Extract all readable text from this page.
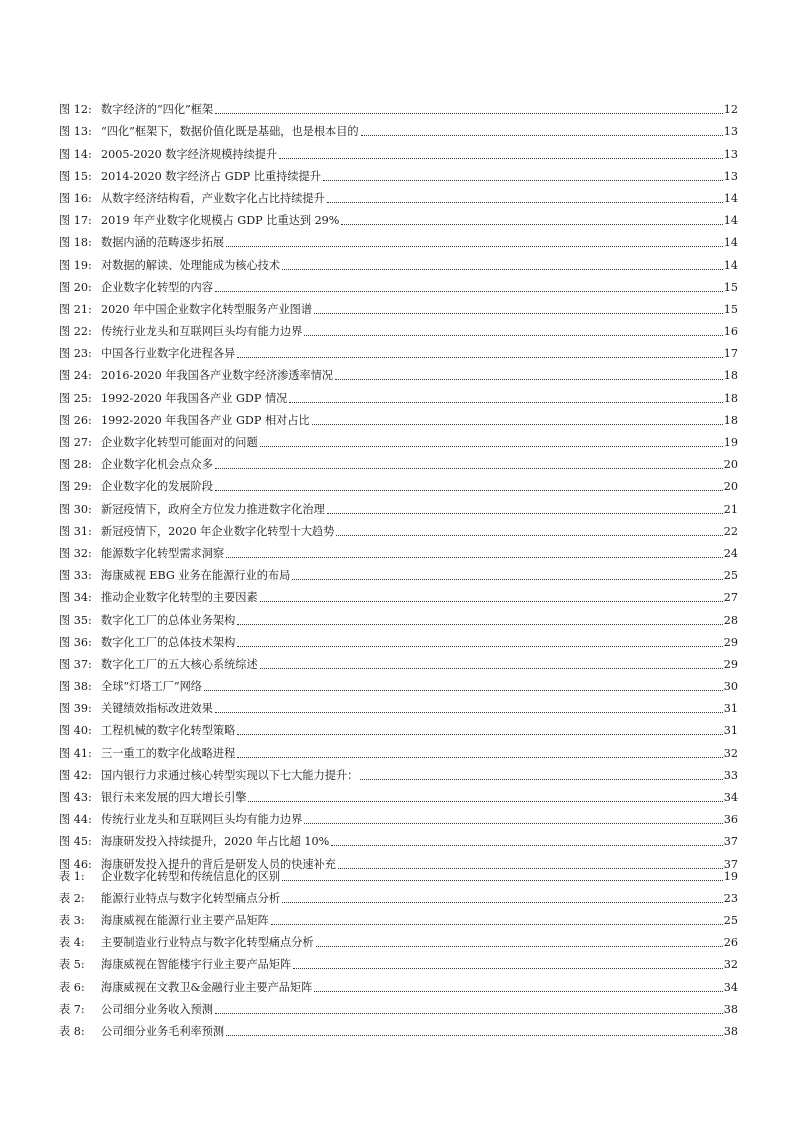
图 12: 数字经济的“四化”框架	12
图 13: “四化”框架下，数据价值化既是基础，也是根本目的	13
图 14: 2005-2020 数字经济规模持续提升	13
图 15: 2014-2020 数字经济占 GDP 比重持续提升	13
图 16: 从数字经济结构看，产业数字化占比持续提升	14
图 17: 2019 年产业数字化规模占 GDP 比重达到 29%	14
图 18: 数据内涵的范畴逐步拓展	14
图 19: 对数据的解读、处理能成为核心技术	14
图 20: 企业数字化转型的内容	15
图 21: 2020 年中国企业数字化转型服务产业图谱	15
图 22: 传统行业龙头和互联网巨头均有能力边界	16
图 23: 中国各行业数字化进程各异	17
图 24: 2016-2020 年我国各产业数字经济渗透率情况	18
图 25: 1992-2020 年我国各产业 GDP 情况	18
图 26: 1992-2020 年我国各产业 GDP 相对占比	18
图 27: 企业数字化转型可能面对的问题	19
图 28: 企业数字化机会点众多	20
图 29: 企业数字化的发展阶段	20
图 30: 新冠疫情下，政府全方位发力推进数字化治理	21
图 31: 新冠疫情下，2020 年企业数字化转型十大趋势	22
图 32: 能源数字化转型需求洞察	24
图 33: 海康威视 EBG 业务在能源行业的布局	25
图 34: 推动企业数字化转型的主要因素	27
图 35: 数字化工厂的总体业务架构	28
图 36: 数字化工厂的总体技术架构	29
图 37: 数字化工厂的五大核心系统综述	29
图 38: 全球“灯塔工厂”网络	30
图 39: 关键绩效指标改进效果	31
图 40: 工程机械的数字化转型策略	31
图 41: 三一重工的数字化战略进程	32
图 42: 国内银行力求通过核心转型实现以下七大能力提升：	33
图 43: 银行未来发展的四大增长引擎	34
图 44: 传统行业龙头和互联网巨头均有能力边界	36
图 45: 海康研发投入持续提升，2020 年占比超 10%	37
图 46: 海康研发投入提升的背后是研发人员的快速补充	37
表 1: 企业数字化转型和传统信息化的区别	19
表 2: 能源行业特点与数字化转型痛点分析	23
表 3: 海康威视在能源行业主要产品矩阵	25
表 4: 主要制造业行业特点与数字化转型痛点分析	26
表 5: 海康威视在智能楼宇行业主要产品矩阵	32
表 6: 海康威视在文教卫&金融行业主要产品矩阵	34
表 7: 公司细分业务收入预测	38
表 8: 公司细分业务毛利率预测	38
